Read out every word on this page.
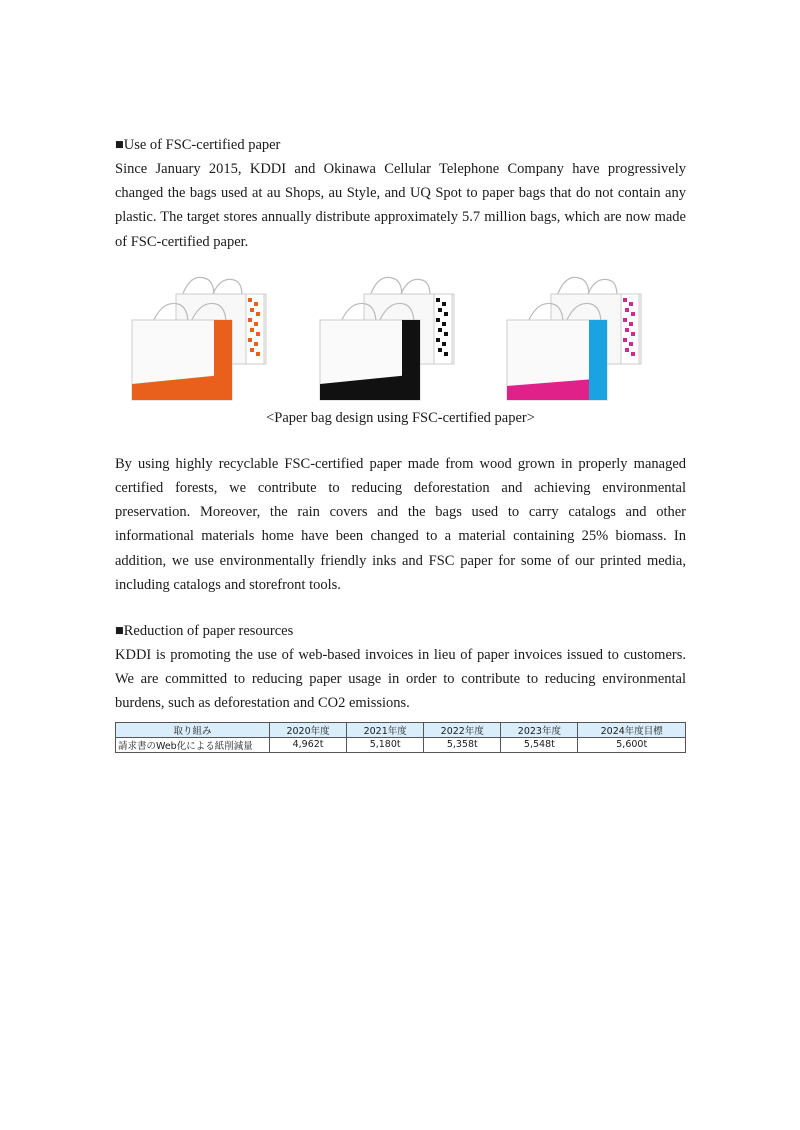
■Use of FSC-certified paper

Since January 2015, KDDI and Okinawa Cellular Telephone Company have progressively changed the bags used at au Shops, au Style, and UQ Spot to paper bags that do not contain any plastic. The target stores annually distribute approximately 5.7 million bags, which are now made of FSC-certified paper.

<Paper bag design using FSC-certified paper>

By using highly recyclable FSC-certified paper made from wood grown in properly managed certified forests, we contribute to reducing deforestation and achieving environmental preservation. Moreover, the rain covers and the bags used to carry catalogs and other informational materials home have been changed to a material containing 25% biomass. In addition, we use environmentally friendly inks and FSC paper for some of our printed media, including catalogs and storefront tools.

■Reduction of paper resources

KDDI is promoting the use of web-based invoices in lieu of paper invoices issued to customers. We are committed to reducing paper usage in order to contribute to reducing environmental burdens, such as deforestation and CO2 emissions.

取り組み	2020年度	2021年度	2022年度	2023年度	2024年度目標
請求書のWeb化による紙削減量	4,962t	5,180t	5,358t	5,548t	5,600t
